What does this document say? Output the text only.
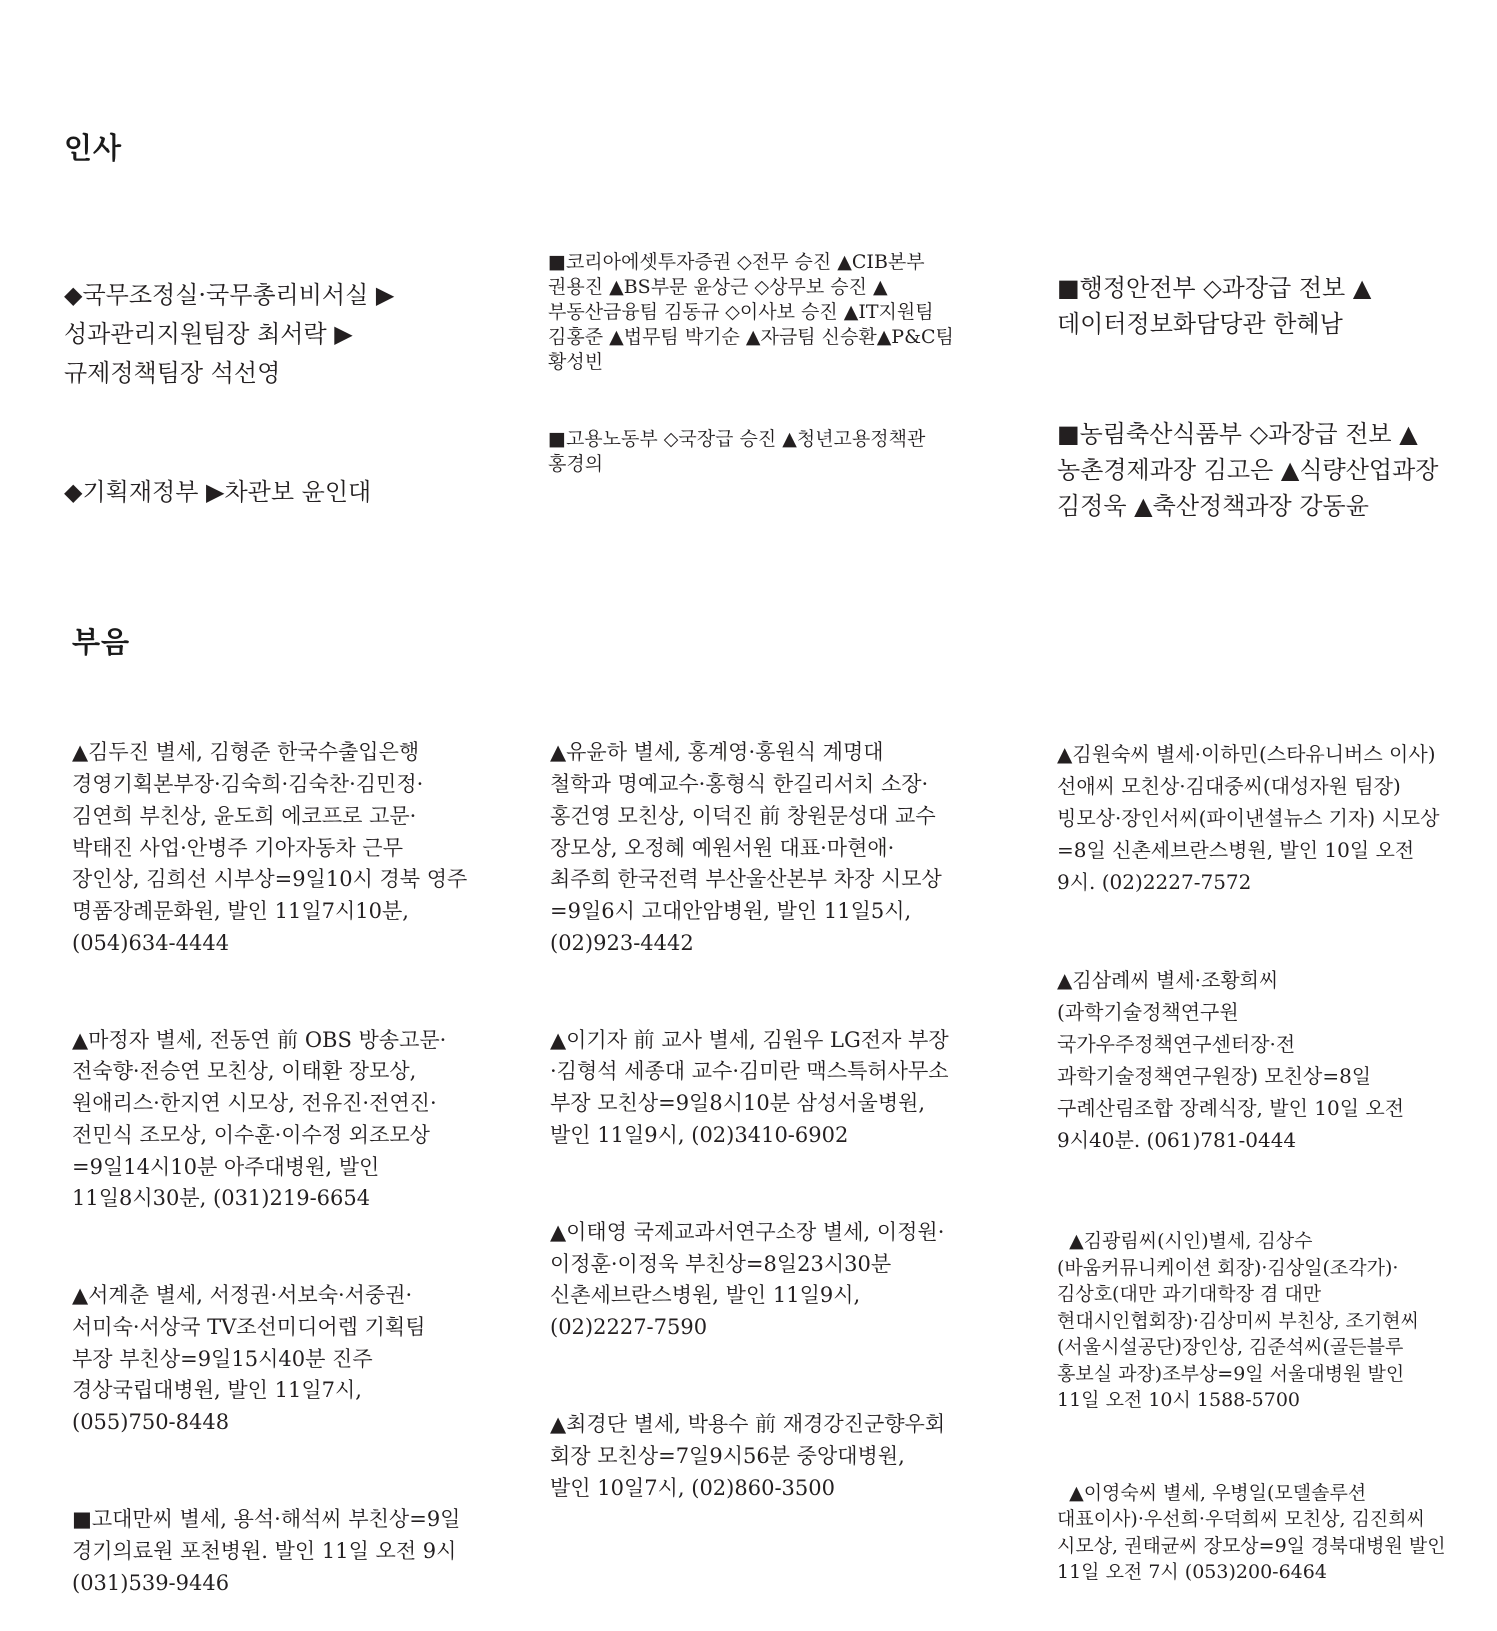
인사

◆국무조정실·국무총리비서실 ▶성과관리지원팀장 최서락 ▶규제정책팀장 석선영

◆기획재정부 ▶차관보 윤인대

■코리아에셋투자증권 ◇전무 승진 ▲CIB본부 권용진 ▲BS부문 윤상근 ◇상무보 승진 ▲부동산금융팀 김동규 ◇이사보 승진 ▲IT지원팀 김홍준 ▲법무팀 박기순 ▲자금팀 신승환▲P&C팀 황성빈

■고용노동부 ◇국장급 승진 ▲청년고용정책관 홍경의

■행정안전부 ◇과장급 전보 ▲데이터정보화담당관 한혜남

■농림축산식품부 ◇과장급 전보 ▲농촌경제과장 김고은 ▲식량산업과장 김정욱 ▲축산정책과장 강동윤

부음

▲김두진 별세, 김형준 한국수출입은행 경영기획본부장·김숙희·김숙찬·김민정·김연희 부친상, 윤도희 에코프로 고문·박태진 사업·안병주 기아자동차 근무 장인상, 김희선 시부상=9일10시 경북 영주 명품장례문화원, 발인 11일7시10분, (054)634-4444

▲마정자 별세, 전동연 前 OBS 방송고문·전숙향·전승연 모친상, 이태환 장모상, 원애리스·한지연 시모상, 전유진·전연진·전민식 조모상, 이수훈·이수정 외조모상=9일14시10분 아주대병원, 발인 11일8시30분, (031)219-6654

▲서계춘 별세, 서정권·서보숙·서중권·서미숙·서상국 TV조선미디어렙 기획팀 부장 부친상=9일15시40분 진주 경상국립대병원, 발인 11일7시, (055)750-8448

■고대만씨 별세, 용석·해석씨 부친상=9일 경기의료원 포천병원. 발인 11일 오전 9시 (031)539-9446

▲유윤하 별세, 홍계영·홍원식 계명대 철학과 명예교수·홍형식 한길리서치 소장·홍건영 모친상, 이덕진 前 창원문성대 교수 장모상, 오정혜 예원서원 대표·마현애·최주희 한국전력 부산울산본부 차장 시모상=9일6시 고대안암병원, 발인 11일5시, (02)923-4442

▲이기자 前 교사 별세, 김원우 LG전자 부장·김형석 세종대 교수·김미란 맥스특허사무소 부장 모친상=9일8시10분 삼성서울병원, 발인 11일9시, (02)3410-6902

▲이태영 국제교과서연구소장 별세, 이정원·이정훈·이정욱 부친상=8일23시30분 신촌세브란스병원, 발인 11일9시, (02)2227-7590

▲최경단 별세, 박용수 前 재경강진군향우회 회장 모친상=7일9시56분 중앙대병원, 발인 10일7시, (02)860-3500

▲김원숙씨 별세·이하민(스타유니버스 이사)선애씨 모친상·김대중씨(대성자원 팀장) 빙모상·장인서씨(파이낸셜뉴스 기자) 시모상=8일 신촌세브란스병원, 발인 10일 오전 9시. (02)2227-7572

▲김삼례씨 별세·조황희씨(과학기술정책연구원 국가우주정책연구센터장·전 과학기술정책연구원장) 모친상=8일 구례산림조합 장례식장, 발인 10일 오전 9시40분. (061)781-0444

▲김광림씨(시인)별세, 김상수(바움커뮤니케이션 회장)·김상일(조각가)·김상호(대만 과기대학장 겸 대만 현대시인협회장)·김상미씨 부친상, 조기현씨(서울시설공단)장인상, 김준석씨(골든블루 홍보실 과장)조부상=9일 서울대병원 발인 11일 오전 10시 1588-5700

▲이영숙씨 별세, 우병일(모델솔루션 대표이사)·우선희·우덕희씨 모친상, 김진희씨 시모상, 권태균씨 장모상=9일 경북대병원 발인 11일 오전 7시 (053)200-6464
